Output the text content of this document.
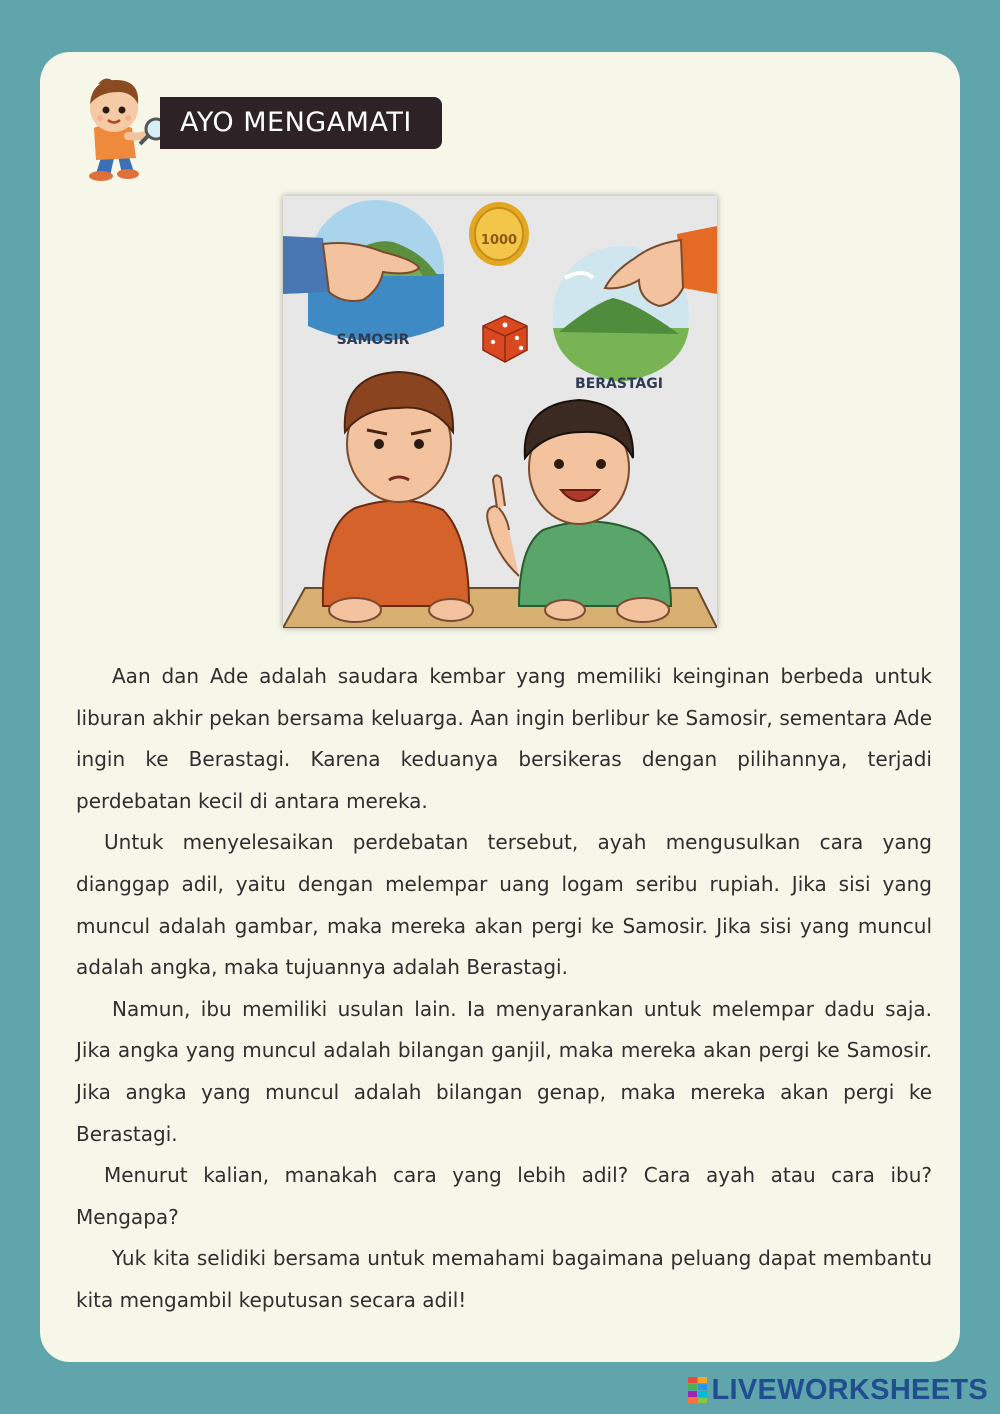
AYO MENGAMATI
SAMOSIR
1000
BERASTAGI

Aan dan Ade adalah saudara kembar yang memiliki keinginan berbeda untuk liburan akhir pekan bersama keluarga. Aan ingin berlibur ke Samosir, sementara Ade ingin ke Berastagi. Karena keduanya bersikeras dengan pilihannya, terjadi perdebatan kecil di antara mereka.

Untuk menyelesaikan perdebatan tersebut, ayah mengusulkan cara yang dianggap adil, yaitu dengan melempar uang logam seribu rupiah. Jika sisi yang muncul adalah gambar, maka mereka akan pergi ke Samosir. Jika sisi yang muncul adalah angka, maka tujuannya adalah Berastagi.

Namun, ibu memiliki usulan lain. Ia menyarankan untuk melempar dadu saja. Jika angka yang muncul adalah bilangan ganjil, maka mereka akan pergi ke Samosir. Jika angka yang muncul adalah bilangan genap, maka mereka akan pergi ke Berastagi.

Menurut kalian, manakah cara yang lebih adil? Cara ayah atau cara ibu? Mengapa?

Yuk kita selidiki bersama untuk memahami bagaimana peluang dapat membantu kita mengambil keputusan secara adil!

LIVEWORKSHEETS
